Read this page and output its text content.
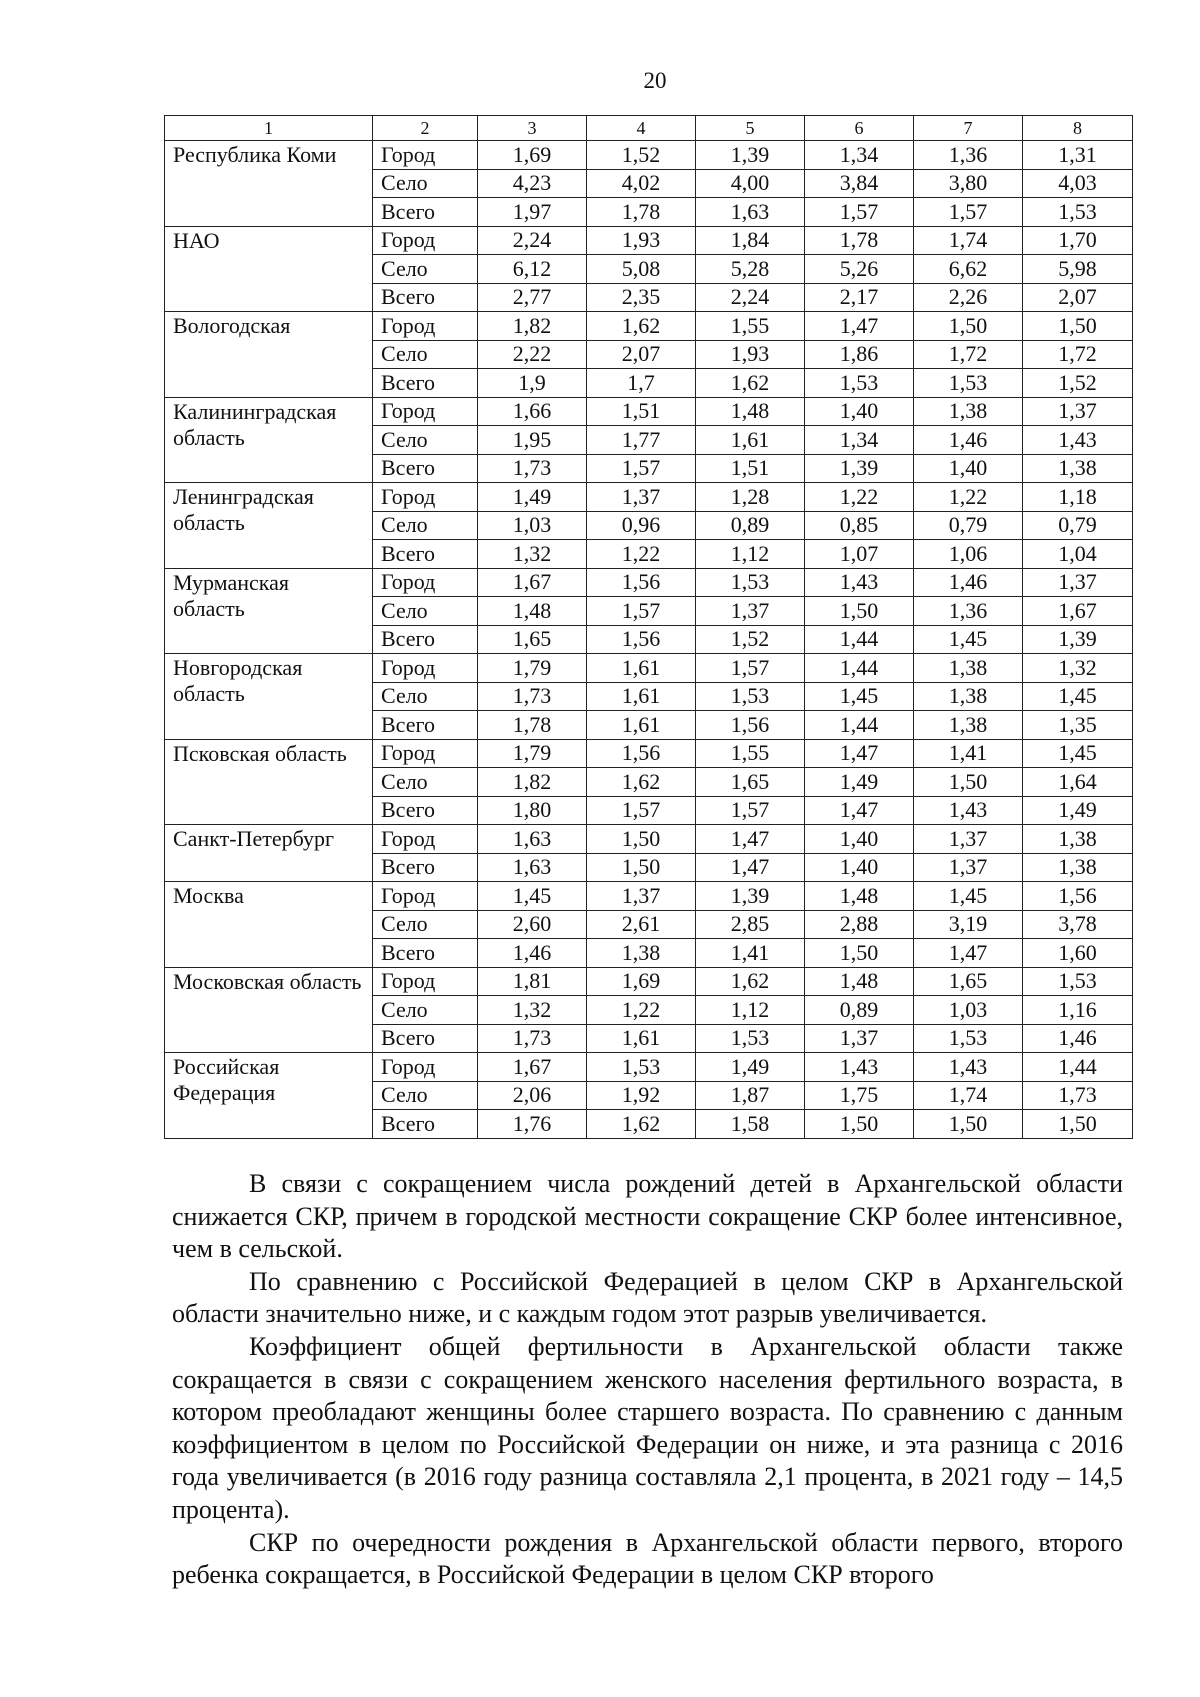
20
1	2	3	4	5	6	7	8
Республика Коми	Город	1,69	1,52	1,39	1,34	1,36	1,31
	Село	4,23	4,02	4,00	3,84	3,80	4,03
	Всего	1,97	1,78	1,63	1,57	1,57	1,53
НАО	Город	2,24	1,93	1,84	1,78	1,74	1,70
	Село	6,12	5,08	5,28	5,26	6,62	5,98
	Всего	2,77	2,35	2,24	2,17	2,26	2,07
Вологодская	Город	1,82	1,62	1,55	1,47	1,50	1,50
	Село	2,22	2,07	1,93	1,86	1,72	1,72
	Всего	1,9	1,7	1,62	1,53	1,53	1,52
Калининградская область	Город	1,66	1,51	1,48	1,40	1,38	1,37
	Село	1,95	1,77	1,61	1,34	1,46	1,43
	Всего	1,73	1,57	1,51	1,39	1,40	1,38
Ленинградская область	Город	1,49	1,37	1,28	1,22	1,22	1,18
	Село	1,03	0,96	0,89	0,85	0,79	0,79
	Всего	1,32	1,22	1,12	1,07	1,06	1,04
Мурманская область	Город	1,67	1,56	1,53	1,43	1,46	1,37
	Село	1,48	1,57	1,37	1,50	1,36	1,67
	Всего	1,65	1,56	1,52	1,44	1,45	1,39
Новгородская область	Город	1,79	1,61	1,57	1,44	1,38	1,32
	Село	1,73	1,61	1,53	1,45	1,38	1,45
	Всего	1,78	1,61	1,56	1,44	1,38	1,35
Псковская область	Город	1,79	1,56	1,55	1,47	1,41	1,45
	Село	1,82	1,62	1,65	1,49	1,50	1,64
	Всего	1,80	1,57	1,57	1,47	1,43	1,49
Санкт-Петербург	Город	1,63	1,50	1,47	1,40	1,37	1,38
	Всего	1,63	1,50	1,47	1,40	1,37	1,38
Москва	Город	1,45	1,37	1,39	1,48	1,45	1,56
	Село	2,60	2,61	2,85	2,88	3,19	3,78
	Всего	1,46	1,38	1,41	1,50	1,47	1,60
Московская область	Город	1,81	1,69	1,62	1,48	1,65	1,53
	Село	1,32	1,22	1,12	0,89	1,03	1,16
	Всего	1,73	1,61	1,53	1,37	1,53	1,46
Российская Федерация	Город	1,67	1,53	1,49	1,43	1,43	1,44
	Село	2,06	1,92	1,87	1,75	1,74	1,73
	Всего	1,76	1,62	1,58	1,50	1,50	1,50

В связи с сокращением числа рождений детей в Архангельской области снижается СКР, причем в городской местности сокращение СКР более интенсивное, чем в сельской.

По сравнению с Российской Федерацией в целом СКР в Архангельской области значительно ниже, и с каждым годом этот разрыв увеличивается.

Коэффициент общей фертильности в Архангельской области также сокращается в связи с сокращением женского населения фертильного возраста, в котором преобладают женщины более старшего возраста. По сравнению с данным коэффициентом в целом по Российской Федерации он ниже, и эта разница с 2016 года увеличивается (в 2016 году разница составляла 2,1 процента, в 2021 году – 14,5 процента).

СКР по очередности рождения в Архангельской области первого, второго ребенка сокращается, в Российской Федерации в целом СКР второго
